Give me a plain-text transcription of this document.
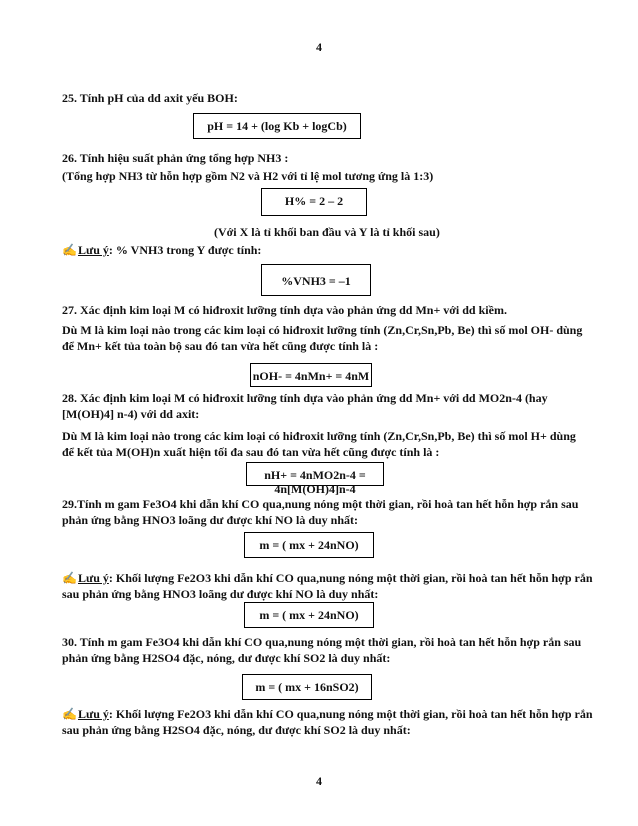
4
25. Tính pH của dd axit yếu BOH:
pH = 14 + (log Kb + logCb)
26. Tính hiệu suất phản ứng tổng hợp NH3 :
(Tổng hợp NH3 từ hỗn hợp gồm N2 và H2 với tỉ lệ mol tương ứng là 1:3)
H% = 2 – 2
(Với X là tỉ khối ban đầu và Y là tỉ khối sau)
✍Lưu ý: % VNH3 trong Y được tính:
%VNH3 = –1
27. Xác định kim loại M có hiđroxit lưỡng tính dựa vào phản ứng dd Mn+ với dd kiềm.
Dù M là kim loại nào trong các kim loại có hiđroxit lưỡng tính (Zn,Cr,Sn,Pb, Be) thì số mol OH- dùng
để Mn+ kết tủa toàn bộ sau đó tan vừa hết cũng được tính là :
nOH- = 4nMn+ = 4nM
28. Xác định kim loại M có hiđroxit lưỡng tính dựa vào phản ứng dd Mn+ với dd MO2n-4 (hay
[M(OH)4] n-4) với dd axit:
Dù M là kim loại nào trong các kim loại có hiđroxit lưỡng tính (Zn,Cr,Sn,Pb, Be) thì số mol H+ dùng
để kết tủa M(OH)n xuất hiện tối đa sau đó tan vừa hết cũng được tính là :
nH+ = 4nMO2n-4 = 4n[M(OH)4]n-4
29.Tính m gam Fe3O4 khi dẫn khí CO qua,nung nóng một thời gian, rồi hoà tan hết hỗn hợp rắn sau
phản ứng bằng HNO3 loãng dư được khí NO là duy nhất:
m = ( mx + 24nNO)
✍Lưu ý: Khối lượng Fe2O3 khi dẫn khí CO qua,nung nóng một thời gian, rồi hoà tan hết hỗn hợp rắn
sau phản ứng bằng HNO3 loãng dư được khí NO là duy nhất:
m = ( mx + 24nNO)
30. Tính m gam Fe3O4 khi dẫn khí CO qua,nung nóng một thời gian, rồi hoà tan hết hỗn hợp rắn sau
phản ứng bằng H2SO4 đặc, nóng, dư được khí SO2 là duy nhất:
m = ( mx + 16nSO2)
✍Lưu ý: Khối lượng Fe2O3 khi dẫn khí CO qua,nung nóng một thời gian, rồi hoà tan hết hỗn hợp rắn
sau phản ứng bằng H2SO4 đặc, nóng, dư được khí SO2 là duy nhất:
4
